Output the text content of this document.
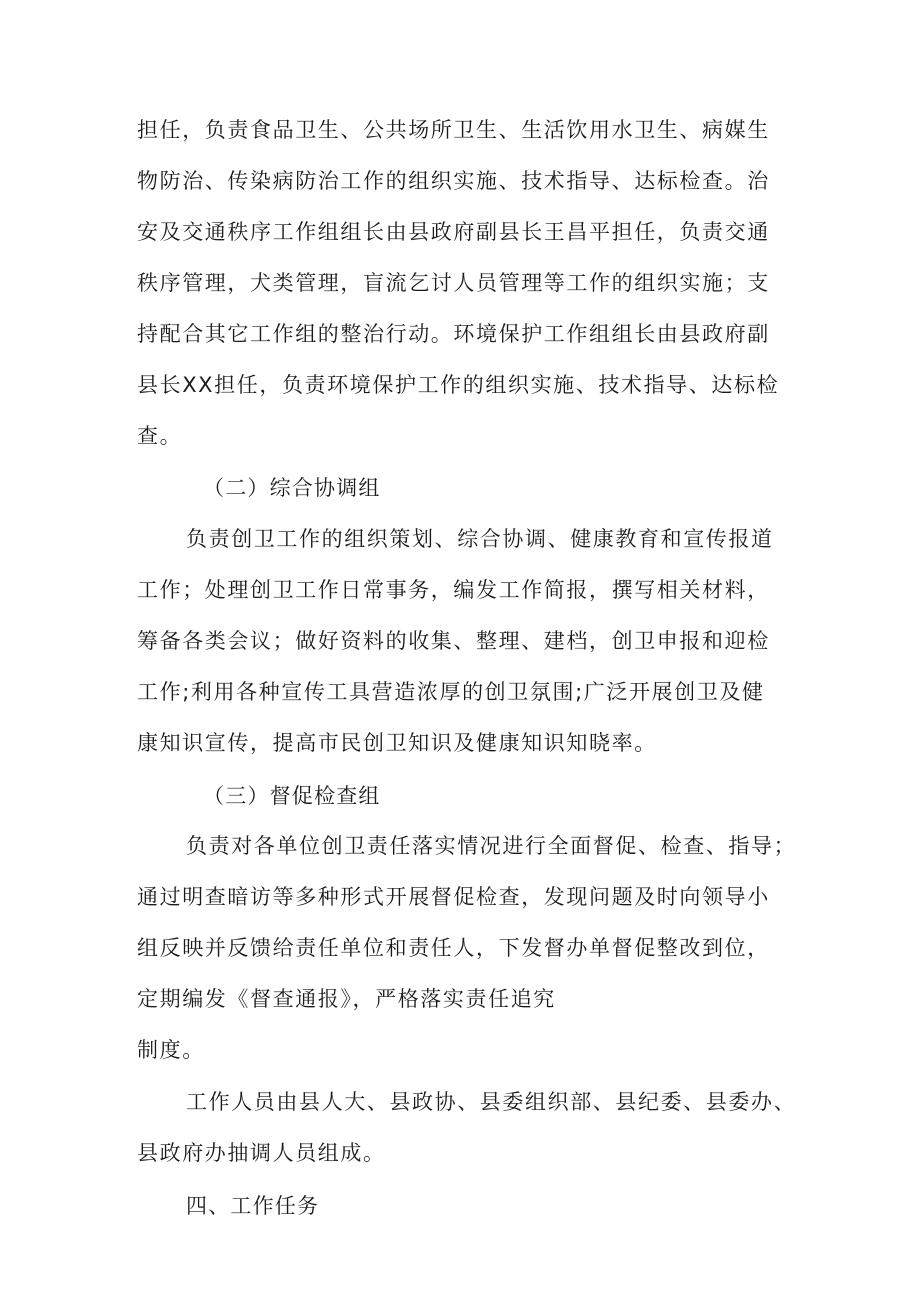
担任，负责食品卫生、公共场所卫生、生活饮用水卫生、病媒生
物防治、传染病防治工作的组织实施、技术指导、达标检查。治
安及交通秩序工作组组长由县政府副县长王昌平担任，负责交通
秩序管理，犬类管理，盲流乞讨人员管理等工作的组织实施；支
持配合其它工作组的整治行动。环境保护工作组组长由县政府副
县长XX担任，负责环境保护工作的组织实施、技术指导、达标检
查。
（二）综合协调组
负责创卫工作的组织策划、综合协调、健康教育和宣传报道
工作；处理创卫工作日常事务，编发工作简报，撰写相关材料，
筹备各类会议；做好资料的收集、整理、建档，创卫申报和迎检
工作;利用各种宣传工具营造浓厚的创卫氛围;广泛开展创卫及健
康知识宣传，提高市民创卫知识及健康知识知晓率。
（三）督促检查组
负责对各单位创卫责任落实情况进行全面督促、检查、指导；
通过明查暗访等多种形式开展督促检查，发现问题及时向领导小
组反映并反馈给责任单位和责任人，下发督办单督促整改到位，
定期编发《督查通报》，严格落实责任追究
制度。
工作人员由县人大、县政协、县委组织部、县纪委、县委办、
县政府办抽调人员组成。
四、工作任务
